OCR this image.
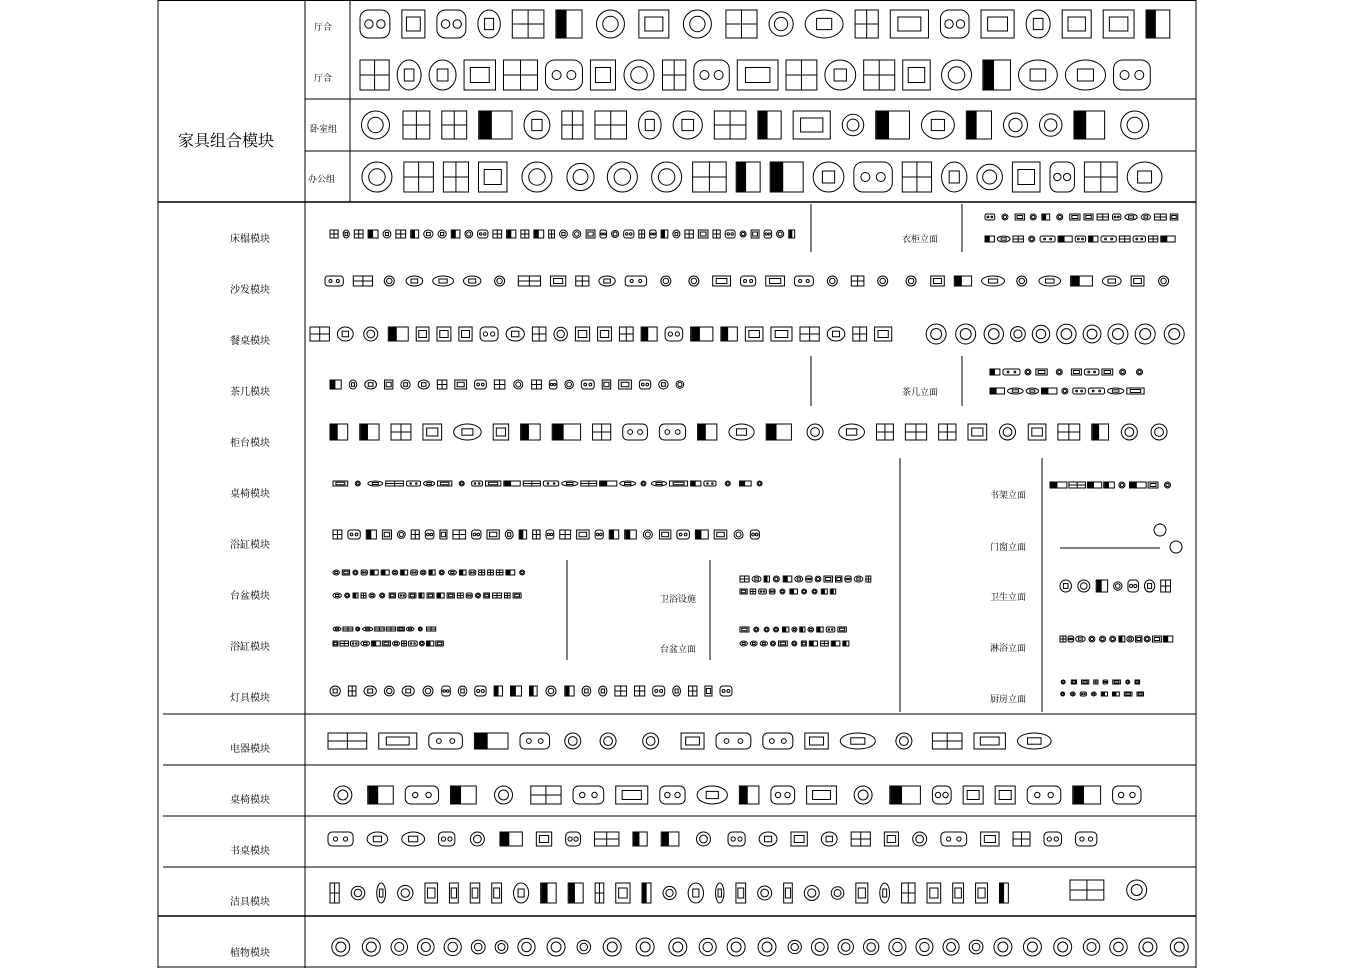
家具组合模块
厅合
厅合
卧室组
办公组
床榻模块
沙发模块
餐桌模块
茶几模块
柜台模块
桌椅模块
浴缸模块
台盆模块
浴缸模块
灯具模块
电器模块
桌椅模块
书桌模块
洁具模块
植物模块
衣柜立面
茶几立面
书架立面
门窗立面
卫生立面
淋浴立面
厨房立面
卫浴设施
台盆立面
